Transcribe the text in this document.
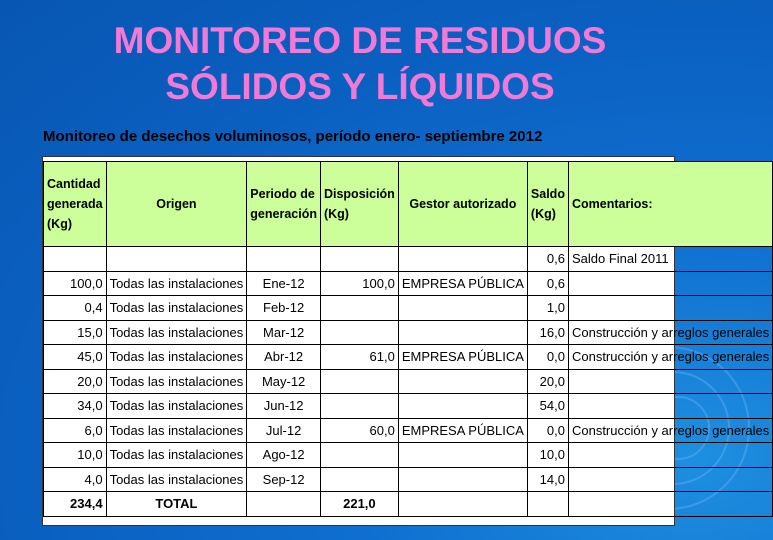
MONITOREO DE RESIDUOS
SÓLIDOS Y LÍQUIDOS
Monitoreo de desechos voluminosos, período enero- septiembre 2012
Cantidad generada (Kg)	Origen	Periodo de generación	Disposición (Kg)	Gestor autorizado	Saldo (Kg)	Comentarios:
					0,6	Saldo Final 2011
100,0	Todas las instalaciones	Ene-12	100,0	EMPRESA PÚBLICA	0,6	
0,4	Todas las instalaciones	Feb-12			1,0	
15,0	Todas las instalaciones	Mar-12			16,0	Construcción y arreglos generales
45,0	Todas las instalaciones	Abr-12	61,0	EMPRESA PÚBLICA	0,0	Construcción y arreglos generales
20,0	Todas las instalaciones	May-12			20,0	
34,0	Todas las instalaciones	Jun-12			54,0	
6,0	Todas las instalaciones	Jul-12	60,0	EMPRESA PÚBLICA	0,0	Construcción y arreglos generales
10,0	Todas las instalaciones	Ago-12			10,0	
4,0	Todas las instalaciones	Sep-12			14,0	
234,4	TOTAL		221,0			
